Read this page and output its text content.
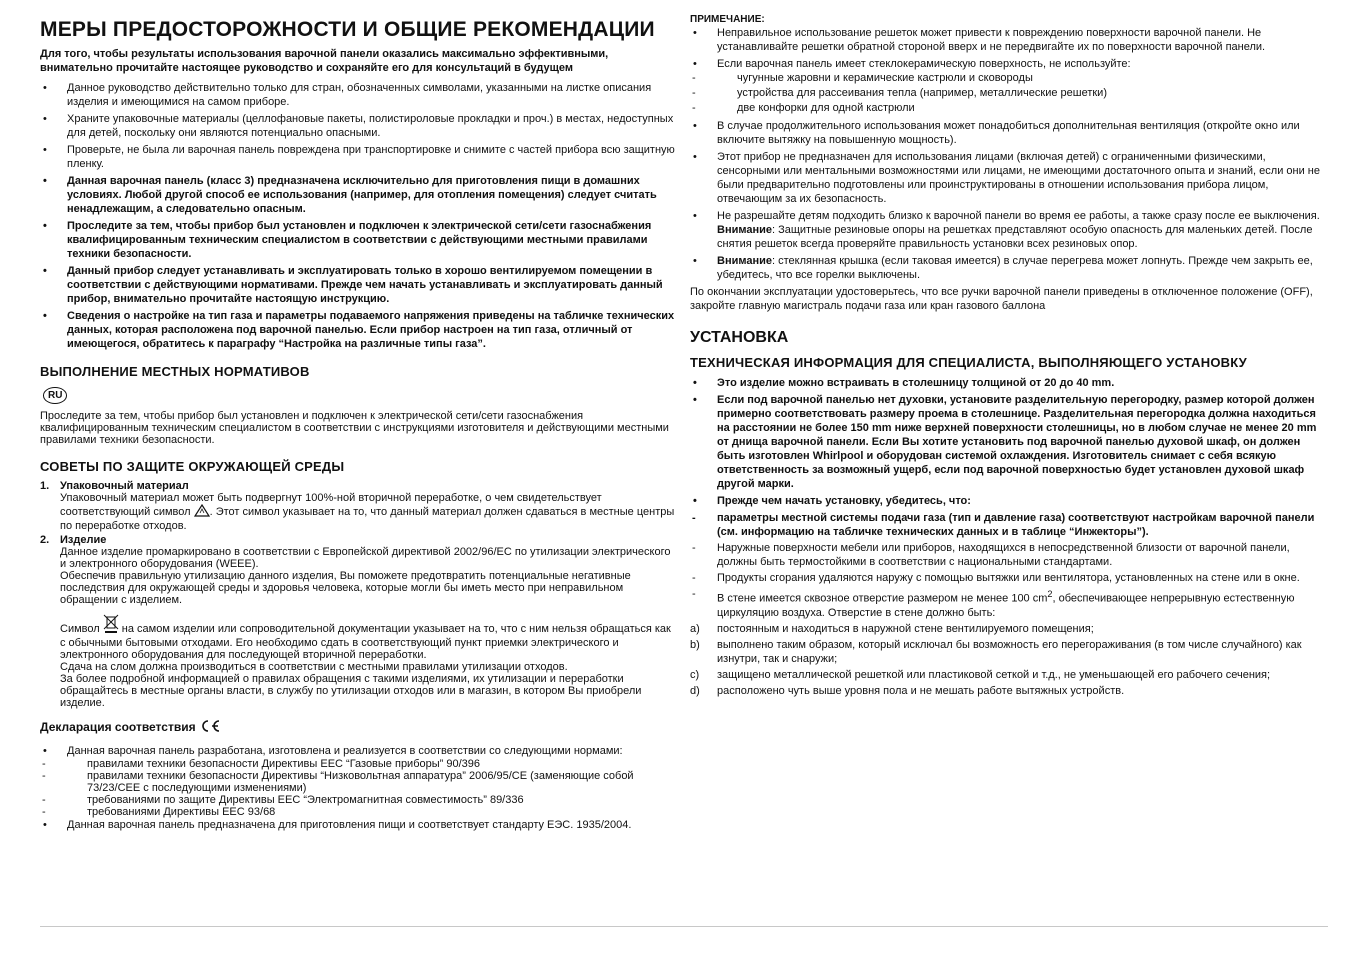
МЕРЫ ПРЕДОСТОРОЖНОСТИ И ОБЩИЕ РЕКОМЕНДАЦИИ

Для того, чтобы результаты использования варочной панели оказались максимально эффективными, внимательно прочитайте настоящее руководство и сохраняйте его для консультаций в будущем

• Данное руководство действительно только для стран, обозначенных символами, указанными на листке описания изделия и имеющимися на самом приборе.
• Храните упаковочные материалы (целлофановые пакеты, полистироловые прокладки и проч.) в местах, недоступных для детей, поскольку они являются потенциально опасными.
• Проверьте, не была ли варочная панель повреждена при транспортировке и снимите с частей прибора всю защитную пленку.
• Данная варочная панель (класс 3) предназначена исключительно для приготовления пищи в домашних условиях. Любой другой способ ее использования (например, для отопления помещения) следует считать ненадлежащим, а следовательно опасным.
• Проследите за тем, чтобы прибор был установлен и подключен к электрической сети/сети газоснабжения квалифицированным техническим специалистом в соответствии с действующими местными правилами техники безопасности.
• Данный прибор следует устанавливать и эксплуатировать только в хорошо вентилируемом помещении в соответствии с действующими нормативами. Прежде чем начать устанавливать и эксплуатировать данный прибор, внимательно прочитайте настоящую инструкцию.
• Сведения о настройке на тип газа и параметры подаваемого напряжения приведены на табличке технических данных, которая расположена под варочной панелью. Если прибор настроен на тип газа, отличный от имеющегося, обратитесь к параграфу “Настройка на различные типы газа”.
ВЫПОЛНЕНИЕ МЕСТНЫХ НОРМАТИВОВ
RU

Проследите за тем, чтобы прибор был установлен и подключен к электрической сети/сети газоснабжения квалифицированным техническим специалистом в соответствии с инструкциями изготовителя и действующими местными правилами техники безопасности.

СОВЕТЫ ПО ЗАЩИТЕ ОКРУЖАЮЩЕЙ СРЕДЫ
1. Упаковочный материал
Упаковочный материал может быть подвергнут 100%-ной вторичной переработке, о чем свидетельствует соответствующий символ . Этот символ указывает на то, что данный материал должен сдаваться в местные центры по переработке отходов.
2. Изделие
Данное изделие промаркировано в соответствии с Европейской директивой 2002/96/EC по утилизации электрического и электронного оборудования (WEEE).
Обеспечив правильную утилизацию данного изделия, Вы поможете предотвратить потенциальные негативные последствия для окружающей среды и здоровья человека, которые могли бы иметь место при неправильном обращении с изделием.
Символ на самом изделии или сопроводительной документации указывает на то, что с ним нельзя обращаться как с обычными бытовыми отходами. Его необходимо сдать в соответствующий пункт приемки электрического и электронного оборудования для последующей вторичной переработки.
Сдача на слом должна производиться в соответствии с местными правилами утилизации отходов.
За более подробной информацией о правилах обращения с такими изделиями, их утилизации и переработки обращайтесь в местные органы власти, в службу по утилизации отходов или в магазин, в котором Вы приобрели изделие.
Декларация соответствия
• Данная варочная панель разработана, изготовлена и реализуется в соответствии со следующими нормами:
- правилами техники безопасности Директивы ЕЕС “Газовые приборы” 90/396
- правилами техники безопасности Директивы “Низковольтная аппаратура” 2006/95/CE (заменяющие собой 73/23/CEE с последующими изменениями)
- требованиями по защите Директивы ЕЕС “Электромагнитная совместимость” 89/336
- требованиями Директивы ЕЕС 93/68
• Данная варочная панель предназначена для приготовления пищи и соответствует стандарту ЕЭС. 1935/2004.
ПРИМЕЧАНИЕ:
• Неправильное использование решеток может привести к повреждению поверхности варочной панели. Не устанавливайте решетки обратной стороной вверх и не передвигайте их по поверхности варочной панели.
• Если варочная панель имеет стеклокерамическую поверхность, не используйте:
- чугунные жаровни и керамические кастрюли и сковороды
- устройства для рассеивания тепла (например, металлические решетки)
- две конфорки для одной кастрюли
• В случае продолжительного использования может понадобиться дополнительная вентиляция (откройте окно или включите вытяжку на повышенную мощность).
• Этот прибор не предназначен для использования лицами (включая детей) с ограниченными физическими, сенсорными или ментальными возможностями или лицами, не имеющими достаточного опыта и знаний, если они не были предварительно подготовлены или проинструктированы в отношении использования прибора лицом, отвечающим за их безопасность.
• Не разрешайте детям подходить близко к варочной панели во время ее работы, а также сразу после ее выключения.
Внимание: Защитные резиновые опоры на решетках представляют особую опасность для маленьких детей. После снятия решеток всегда проверяйте правильность установки всех резиновых опор.
• Внимание: стеклянная крышка (если таковая имеется) в случае перегрева может лопнуть. Прежде чем закрыть ее, убедитесь, что все горелки выключены.

По окончании эксплуатации удостоверьтесь, что все ручки варочной панели приведены в отключенное положение (OFF), закройте главную магистраль подачи газа или кран газового баллона

УСТАНОВКА
ТЕХНИЧЕСКАЯ ИНФОРМАЦИЯ ДЛЯ СПЕЦИАЛИСТА, ВЫПОЛНЯЮЩЕГО УСТАНОВКУ
• Это изделие можно встраивать в столешницу толщиной от 20 до 40 mm.
• Если под варочной панелью нет духовки, установите разделительную перегородку, размер которой должен примерно соответствовать размеру проема в столешнице. Разделительная перегородка должна находиться на расстоянии не более 150 mm ниже верхней поверхности столешницы, но в любом случае не менее 20 mm от днища варочной панели. Если Вы хотите установить под варочной панелью духовой шкаф, он должен быть изготовлен Whirlpool и оборудован системой охлаждения. Изготовитель снимает с себя всякую ответственность за возможный ущерб, если под варочной поверхностью будет установлен духовой шкаф другой марки.
• Прежде чем начать установку, убедитесь, что:
- параметры местной системы подачи газа (тип и давление газа) соответствуют настройкам варочной панели (см. информацию на табличке технических данных и в таблице “Инжекторы”).
- Наружные поверхности мебели или приборов, находящихся в непосредственной близости от варочной панели, должны быть термостойкими в соответствии с национальными стандартами.
- Продукты сгорания удаляются наружу с помощью вытяжки или вентилятора, установленных на стене или в окне.
- В стене имеется сквозное отверстие размером не менее 100 $cm^2$, обеспечивающее непрерывную естественную циркуляцию воздуха. Отверстие в стене должно быть:
a) постоянным и находиться в наружной стене вентилируемого помещения;
b) выполнено таким образом, который исключал бы возможность его перегораживания (в том числе случайного) как изнутри, так и снаружи;
c) защищено металлической решеткой или пластиковой сеткой и т.д., не уменьшающей его рабочего сечения;
d) расположено чуть выше уровня пола и не мешать работе вытяжных устройств.
